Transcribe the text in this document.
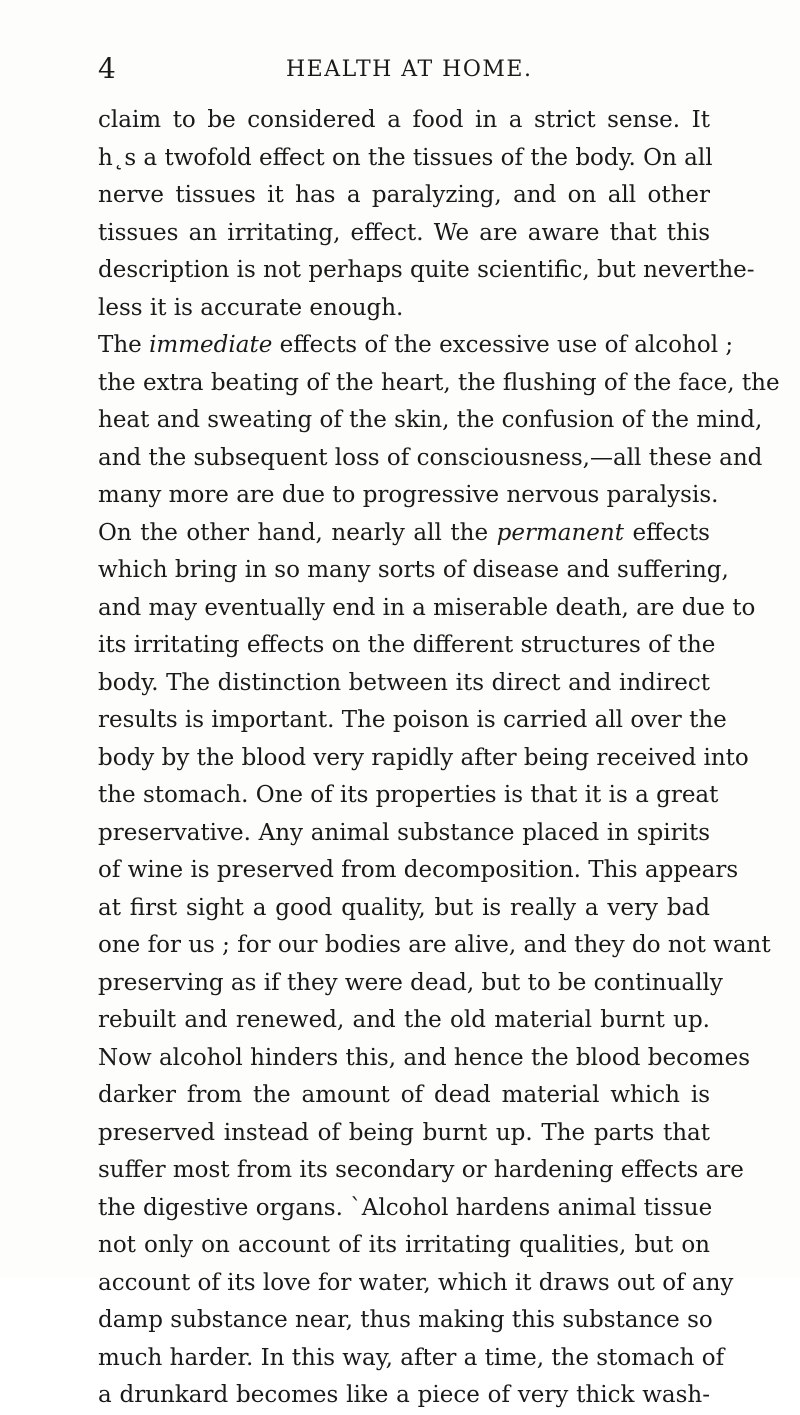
4	HEALTH AT HOME.
claim to be considered a food in a strict sense. It
h˛s a twofold effect on the tissues of the body. On all
nerve tissues it has a paralyzing, and on all other
tissues an irritating, effect. We are aware that this
description is not perhaps quite scientific, but neverthe-
less it is accurate enough.
The immediate effects of the excessive use of alcohol ;
the extra beating of the heart, the flushing of the face, the
heat and sweating of the skin, the confusion of the mind,
and the subsequent loss of consciousness,—all these and
many more are due to progressive nervous paralysis.
On the other hand, nearly all the permanent effects
which bring in so many sorts of disease and suffering,
and may eventually end in a miserable death, are due to
its irritating effects on the different structures of the
body. The distinction between its direct and indirect
results is important. The poison is carried all over the
body by the blood very rapidly after being received into
the stomach. One of its properties is that it is a great
preservative. Any animal substance placed in spirits
of wine is preserved from decomposition. This appears
at first sight a good quality, but is really a very bad
one for us ; for our bodies are alive, and they do not want
preserving as if they were dead, but to be continually
rebuilt and renewed, and the old material burnt up.
Now alcohol hinders this, and hence the blood becomes
darker from the amount of dead material which is
preserved instead of being burnt up. The parts that
suffer most from its secondary or hardening effects are
the digestive organs. ˋAlcohol hardens animal tissue
not only on account of its irritating qualities, but on
account of its love for water, which it draws out of any
damp substance near, thus making this substance so
much harder. In this way, after a time, the stomach of
a drunkard becomes like a piece of very thick wash-
